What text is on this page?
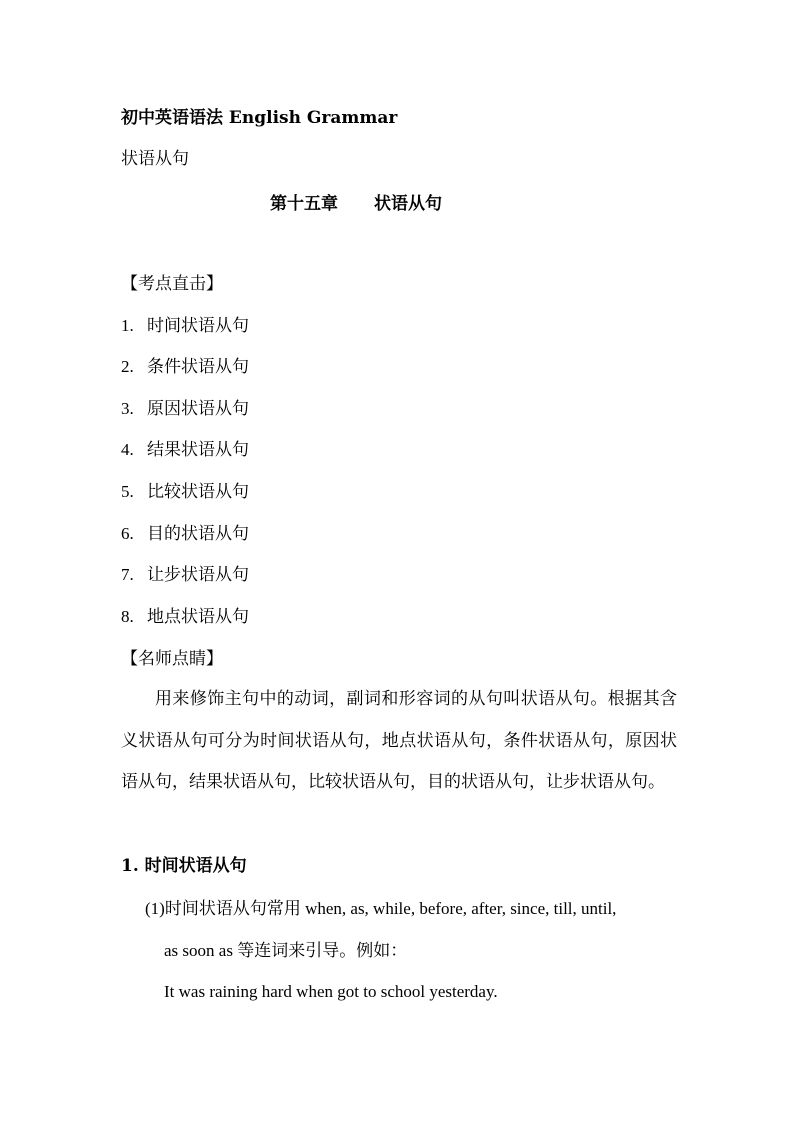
初中英语语法 English Grammar
状语从句
第十五章 状语从句
【考点直击】
1. 时间状语从句
2. 条件状语从句
3. 原因状语从句
4. 结果状语从句
5. 比较状语从句
6. 目的状语从句
7. 让步状语从句
8. 地点状语从句
【名师点睛】

用来修饰主句中的动词，副词和形容词的从句叫状语从句。根据其含义状语从句可分为时间状语从句，地点状语从句，条件状语从句，原因状语从句，结果状语从句，比较状语从句，目的状语从句，让步状语从句。

1. 时间状语从句
(1)时间状语从句常用 when, as, while, before, after, since, till, until,
as soon as 等连词来引导。例如：
It was raining hard when got to school yesterday.
